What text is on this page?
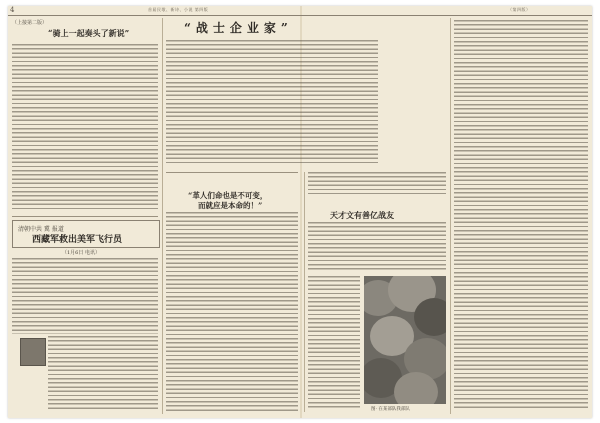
4	首届民歌、新诗、小说 第四版	（第四版）
（上接第二版）
“骑上一起奏头了新说”
清朝中共 冀 报道
西藏军救出美军飞行员
（1月6日 电讯）
“战士企业家”
“革人们命也是不可变，
而就应是本命的！”
天才文有善亿战友
图· 在某部队我部队
